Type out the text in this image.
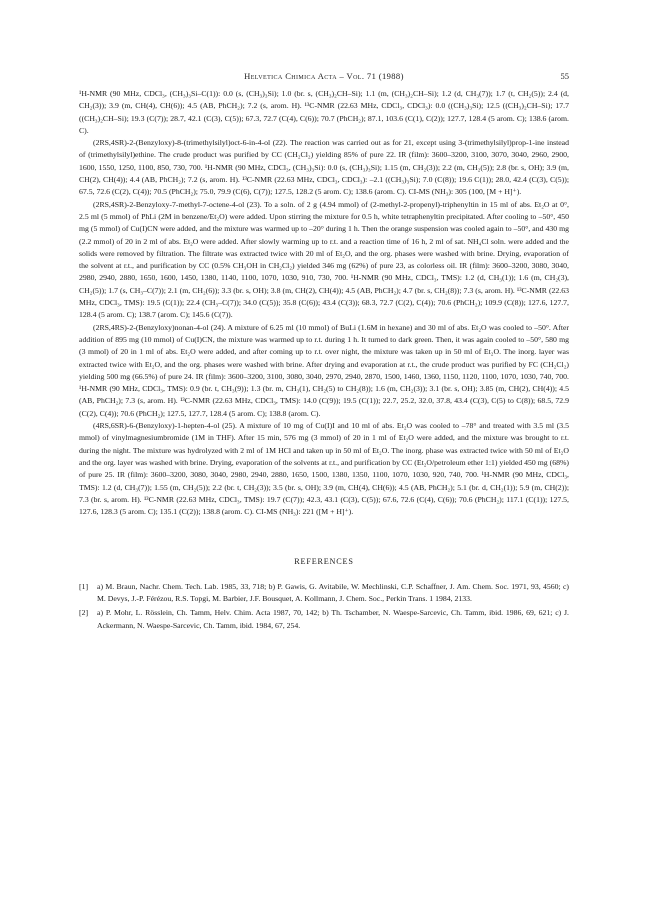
Helvetica Chimica Acta – Vol. 71 (1988)	55

¹H-NMR (90 MHz, CDCl₃, (CH₃)₃Si–C(1)): 0.0 (s, (CH₃)₃Si); 1.0 (br. s, (CH₃)₂CH–Si); 1.1 (m, (CH₃)₂CH–Si); 1.2 (d, CH₃(7)); 1.7 (t, CH₂(5)); 2.4 (d, CH₂(3)); 3.9 (m, CH(4), CH(6)); 4.5 (AB, PhCH₂); 7.2 (s, arom. H). ¹³C-NMR (22.63 MHz, CDCl₃, CDCl₃): 0.0 ((CH₃)₃Si); 12.5 ((CH₃)₂CH–Si); 17.7 ((CH₃)₂CH–Si); 19.3 (C(7)); 28.7, 42.1 (C(3), C(5)); 67.3, 72.7 (C(4), C(6)); 70.7 (PhCH₂); 87.1, 103.6 (C(1), C(2)); 127.7, 128.4 (5 arom. C); 138.6 (arom. C).

(2RS,4SR)-2-(Benzyloxy)-8-(trimethylsilyl)oct-6-in-4-ol (22). The reaction was carried out as for 21, except using 3-(trimethylsilyl)prop-1-ine instead of (trimethylsilyl)ethine. The crude product was purified by CC (CH₂Cl₂) yielding 85% of pure 22. IR (film): 3600–3200, 3100, 3070, 3040, 2960, 2900, 1600, 1550, 1250, 1100, 850, 730, 700. ¹H-NMR (90 MHz, CDCl₃, (CH₃)₃Si): 0.0 (s, (CH₃)₃Si); 1.15 (m, CH₂(3)); 2.2 (m, CH₂(5)); 2.8 (br. s, OH); 3.9 (m, CH(2), CH(4)); 4.4 (AB, PhCH₂); 7.2 (s, arom. H). ¹³C-NMR (22.63 MHz, CDCl₃, CDCl₃): –2.1 ((CH₃)₃Si); 7.0 (C(8)); 19.6 C(1)); 28.0, 42.4 (C(3), C(5)); 67.5, 72.6 (C(2), C(4)); 70.5 (PhCH₂); 75.0, 79.9 (C(6), C(7)); 127.5, 128.2 (5 arom. C); 138.6 (arom. C). CI-MS (NH₃): 305 (100, [M + H]⁺).

(2RS,4SR)-2-Benzyloxy-7-methyl-7-octene-4-ol (23). To a soln. of 2 g (4.94 mmol) of (2-methyl-2-propenyl)-triphenyltin in 15 ml of abs. Et₂O at 0°, 2.5 ml (5 mmol) of PhLi (2M in benzene/Et₂O) were added. Upon stirring the mixture for 0.5 h, white tetraphenyltin precipitated. After cooling to –50°, 450 mg (5 mmol) of Cu(I)CN were added, and the mixture was warmed up to –20° during 1 h. Then the orange suspension was cooled again to –50°, and 430 mg (2.2 mmol) of 20 in 2 ml of abs. Et₂O were added. After slowly warming up to r.t. and a reaction time of 16 h, 2 ml of sat. NH₄Cl soln. were added and the solids were removed by filtration. The filtrate was extracted twice with 20 ml of Et₂O, and the org. phases were washed with brine. Drying, evaporation of the solvent at r.t., and purification by CC (0.5% CH₃OH in CH₂Cl₂) yielded 346 mg (62%) of pure 23, as colorless oil. IR (film): 3600–3200, 3080, 3040, 2980, 2940, 2880, 1650, 1600, 1450, 1380, 1140, 1100, 1070, 1030, 910, 730, 700. ¹H-NMR (90 MHz, CDCl₃, TMS): 1.2 (d, CH₃(1)); 1.6 (m, CH₂(3), CH₂(5)); 1.7 (s, CH₃–C(7)); 2.1 (m, CH₂(6)); 3.3 (br. s, OH); 3.8 (m, CH(2), CH(4)); 4.5 (AB, PhCH₂); 4.7 (br. s, CH₂(8)); 7.3 (s, arom. H). ¹³C-NMR (22.63 MHz, CDCl₃, TMS): 19.5 (C(1)); 22.4 (CH₃–C(7)); 34.0 (C(5)); 35.8 (C(6)); 43.4 (C(3)); 68.3, 72.7 (C(2), C(4)); 70.6 (PhCH₂); 109.9 (C(8)); 127.6, 127.7, 128.4 (5 arom. C); 138.7 (arom. C); 145.6 (C(7)).

(2RS,4RS)-2-(Benzyloxy)nonan-4-ol (24). A mixture of 6.25 ml (10 mmol) of BuLi (1.6M in hexane) and 30 ml of abs. Et₂O was cooled to –50°. After addition of 895 mg (10 mmol) of Cu(I)CN, the mixture was warmed up to r.t. during 1 h. It turned to dark green. Then, it was again cooled to –50°, 580 mg (3 mmol) of 20 in 1 ml of abs. Et₂O were added, and after coming up to r.t. over night, the mixture was taken up in 50 ml of Et₂O. The inorg. layer was extracted twice with Et₂O, and the org. phases were washed with brine. After drying and evaporation at r.t., the crude product was purified by FC (CH₂Cl₂) yielding 500 mg (66.5%) of pure 24. IR (film): 3600–3200, 3100, 3080, 3040, 2970, 2940, 2870, 1500, 1460, 1360, 1150, 1120, 1100, 1070, 1030, 740, 700. ¹H-NMR (90 MHz, CDCl₃, TMS): 0.9 (br. t, CH₃(9)); 1.3 (br. m, CH₃(1), CH₂(5) to CH₂(8)); 1.6 (m, CH₂(3)); 3.1 (br. s, OH); 3.85 (m, CH(2), CH(4)); 4.5 (AB, PhCH₂); 7.3 (s, arom. H). ¹³C-NMR (22.63 MHz, CDCl₃, TMS): 14.0 (C(9)); 19.5 (C(1)); 22.7, 25.2, 32.0, 37.8, 43.4 (C(3), C(5) to C(8)); 68.5, 72.9 (C(2), C(4)); 70.6 (PhCH₂); 127.5, 127.7, 128.4 (5 arom. C); 138.8 (arom. C).

(4RS,6SR)-6-(Benzyloxy)-1-hepten-4-ol (25). A mixture of 10 mg of Cu(I)I and 10 ml of abs. Et₂O was cooled to –78° and treated with 3.5 ml (3.5 mmol) of vinylmagnesiumbromide (1M in THF). After 15 min, 576 mg (3 mmol) of 20 in 1 ml of Et₂O were added, and the mixture was brought to r.t. during the night. The mixture was hydrolyzed with 2 ml of 1M HCl and taken up in 50 ml of Et₂O. The inorg. phase was extracted twice with 50 ml of Et₂O and the org. layer was washed with brine. Drying, evaporation of the solvents at r.t., and purification by CC (Et₂O/petroleum ether 1:1) yielded 450 mg (68%) of pure 25. IR (film): 3600–3200, 3080, 3040, 2980, 2940, 2880, 1650, 1500, 1380, 1350, 1100, 1070, 1030, 920, 740, 700. ¹H-NMR (90 MHz, CDCl₃, TMS): 1.2 (d, CH₃(7)); 1.55 (m, CH₂(5)); 2.2 (br. t, CH₂(3)); 3.5 (br. s, OH); 3.9 (m, CH(4), CH(6)); 4.5 (AB, PhCH₂); 5.1 (br. d, CH₂(1)); 5.9 (m, CH(2)); 7.3 (br. s, arom. H). ¹³C-NMR (22.63 MHz, CDCl₃, TMS): 19.7 (C(7)); 42.3, 43.1 (C(3), C(5)); 67.6, 72.6 (C(4), C(6)); 70.6 (PhCH₂); 117.1 (C(1)); 127.5, 127.6, 128.3 (5 arom. C); 135.1 (C(2)); 138.8 (arom. C). CI-MS (NH₃): 221 ([M + H]⁺).

REFERENCES
[1]	a) M. Braun, Nachr. Chem. Tech. Lab. 1985, 33, 718; b) P. Gawis, G. Avitabile, W. Mechlinski, C.P. Schaffner, J. Am. Chem. Soc. 1971, 93, 4560; c) M. Devys, J.-P. Férézou, R.S. Topgi, M. Barbier, J.F. Bousquet, A. Kollmann, J. Chem. Soc., Perkin Trans. 1 1984, 2133.
[2]	a) P. Mohr, L. Rösslein, Ch. Tamm, Helv. Chim. Acta 1987, 70, 142; b) Th. Tschamber, N. Waespe-Sarcevic, Ch. Tamm, ibid. 1986, 69, 621; c) J. Ackermann, N. Waespe-Sarcevic, Ch. Tamm, ibid. 1984, 67, 254.
